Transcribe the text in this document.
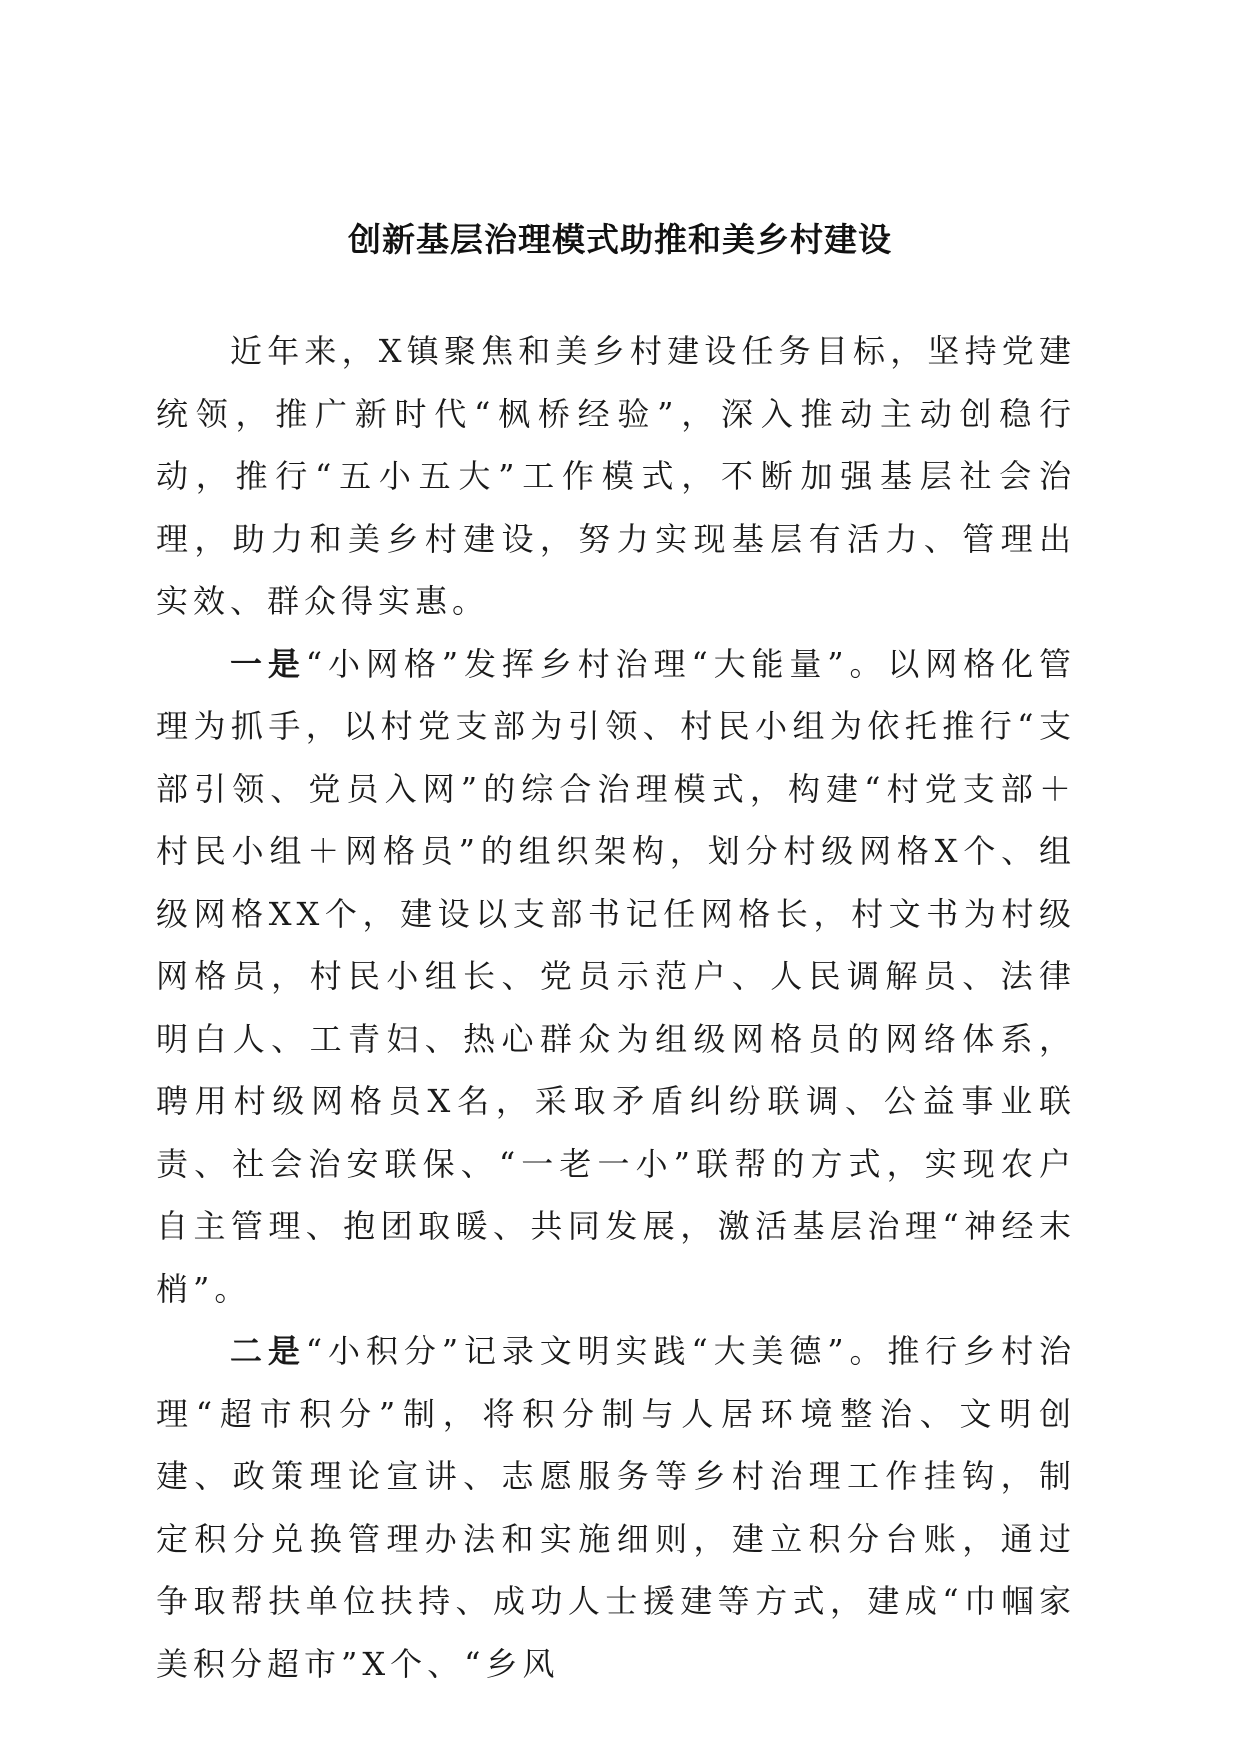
创新基层治理模式助推和美乡村建设

近年来，X镇聚焦和美乡村建设任务目标，坚持党建统领，推广新时代“枫桥经验”，深入推动主动创稳行动，推行“五小五大”工作模式，不断加强基层社会治理，助力和美乡村建设，努力实现基层有活力、管理出实效、群众得实惠。

一是“小网格”发挥乡村治理“大能量”。以网格化管理为抓手，以村党支部为引领、村民小组为依托推行“支部引领、党员入网”的综合治理模式，构建“村党支部＋村民小组＋网格员”的组织架构，划分村级网格X个、组级网格XX个，建设以支部书记任网格长，村文书为村级网格员，村民小组长、党员示范户、人民调解员、法律明白人、工青妇、热心群众为组级网格员的网络体系，聘用村级网格员X名，采取矛盾纠纷联调、公益事业联责、社会治安联保、“一老一小”联帮的方式，实现农户自主管理、抱团取暖、共同发展，激活基层治理“神经末梢”。

二是“小积分”记录文明实践“大美德”。推行乡村治理“超市积分”制，将积分制与人居环境整治、文明创建、政策理论宣讲、志愿服务等乡村治理工作挂钩，制定积分兑换管理办法和实施细则，建立积分台账，通过争取帮扶单位扶持、成功人士援建等方式，建成“巾帼家美积分超市”X个、“乡风
